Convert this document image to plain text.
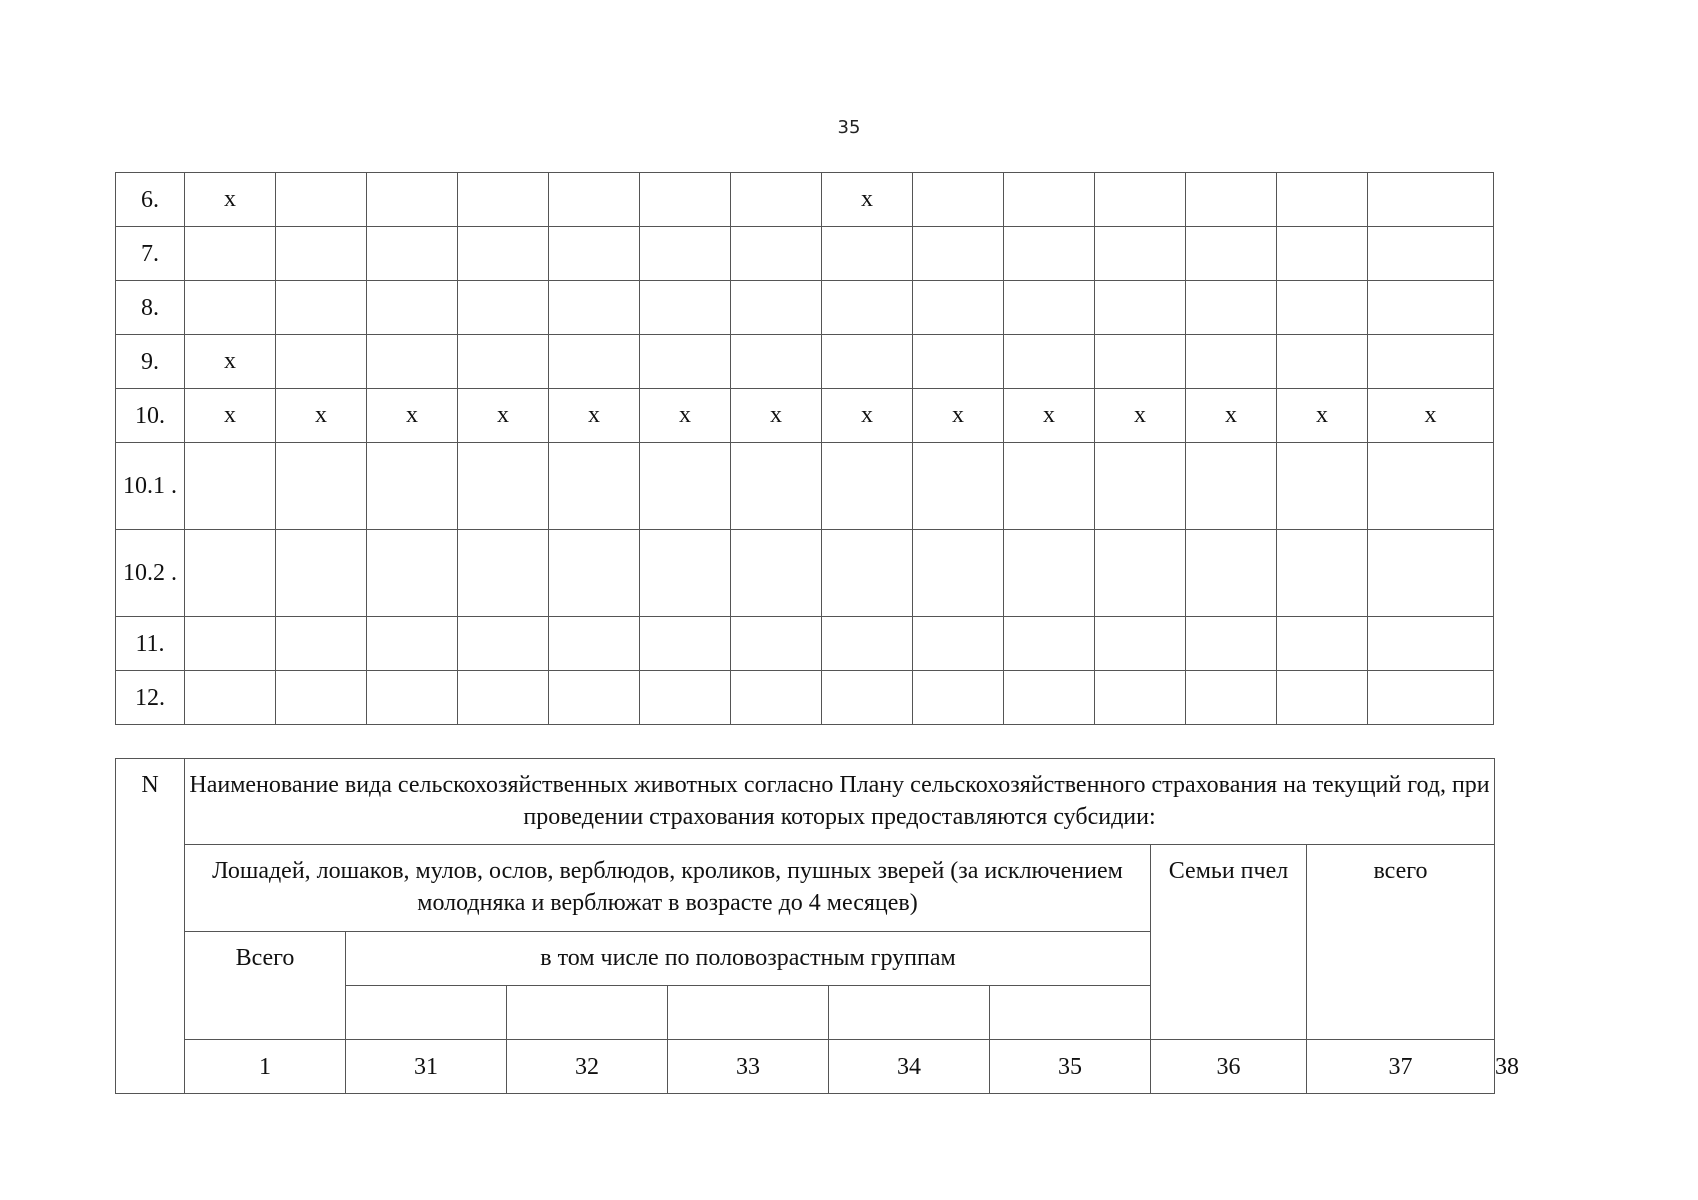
35
6.	x							x						
7.														
8.														
9.	x													
10.	x	x	x	x	x	x	x	x	x	x	x	x	x	x
10.1 .														
10.2 .														
11.														
12.														
N	Наименование вида сельскохозяйственных животных согласно Плану сельскохозяйственного страхования на текущий год, при проведении страхования которых предоставляются субсидии:								
	Лошадей, лошаков, мулов, ослов, верблюдов, кроликов, пушных зверей (за исключением молодняка и верблюжат в возрасте до 4 месяцев)						Семьи пчел	всего	
	Всего	в том числе по половозрастным группам							

	1	31	32	33	34	35	36	37	38
